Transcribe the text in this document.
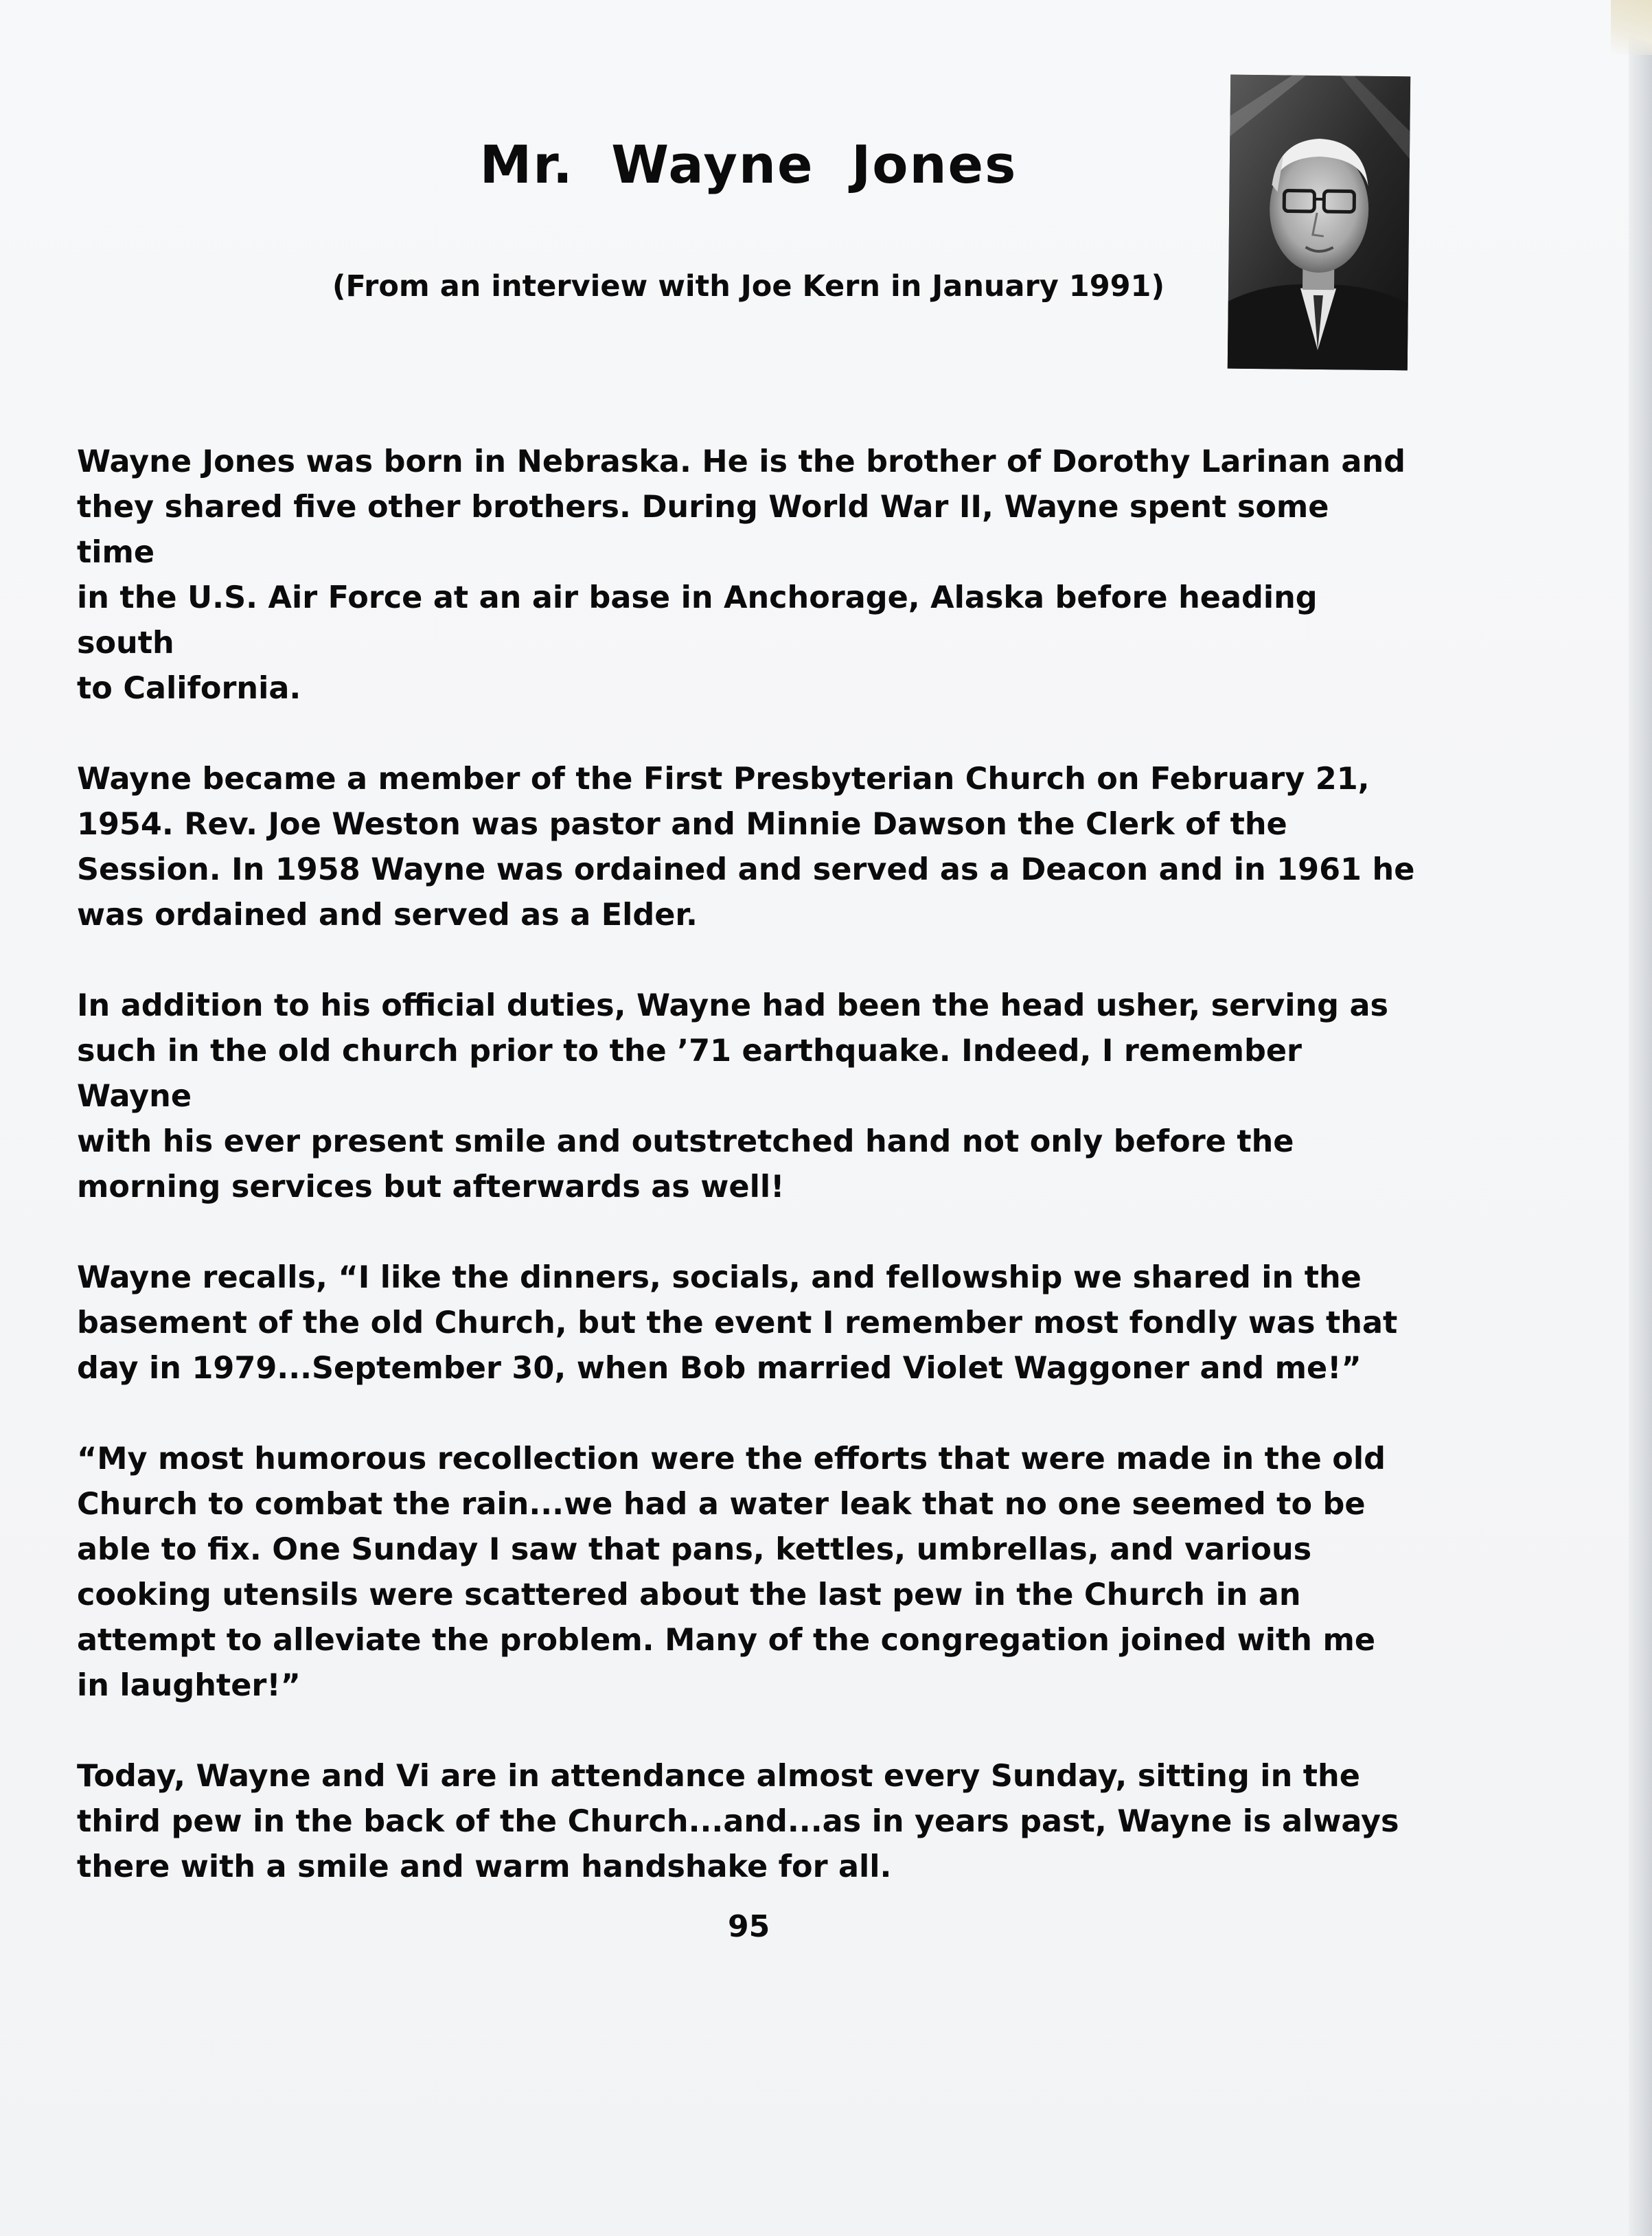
Mr. Wayne Jones
(From an interview with Joe Kern in January 1991)

Wayne Jones was born in Nebraska. He is the brother of Dorothy Larinan and
they shared five other brothers. During World War II, Wayne spent some time
in the U.S. Air Force at an air base in Anchorage, Alaska before heading south
to California.

Wayne became a member of the First Presbyterian Church on February 21,
1954. Rev. Joe Weston was pastor and Minnie Dawson the Clerk of the
Session. In 1958 Wayne was ordained and served as a Deacon and in 1961 he
was ordained and served as a Elder.

In addition to his official duties, Wayne had been the head usher, serving as
such in the old church prior to the ’71 earthquake. Indeed, I remember Wayne
with his ever present smile and outstretched hand not only before the
morning services but afterwards as well!

Wayne recalls, “I like the dinners, socials, and fellowship we shared in the
basement of the old Church, but the event I remember most fondly was that
day in 1979...September 30, when Bob married Violet Waggoner and me!”

“My most humorous recollection were the efforts that were made in the old
Church to combat the rain...we had a water leak that no one seemed to be
able to fix. One Sunday I saw that pans, kettles, umbrellas, and various
cooking utensils were scattered about the last pew in the Church in an
attempt to alleviate the problem. Many of the congregation joined with me
in laughter!”

Today, Wayne and Vi are in attendance almost every Sunday, sitting in the
third pew in the back of the Church...and...as in years past, Wayne is always
there with a smile and warm handshake for all.

95
